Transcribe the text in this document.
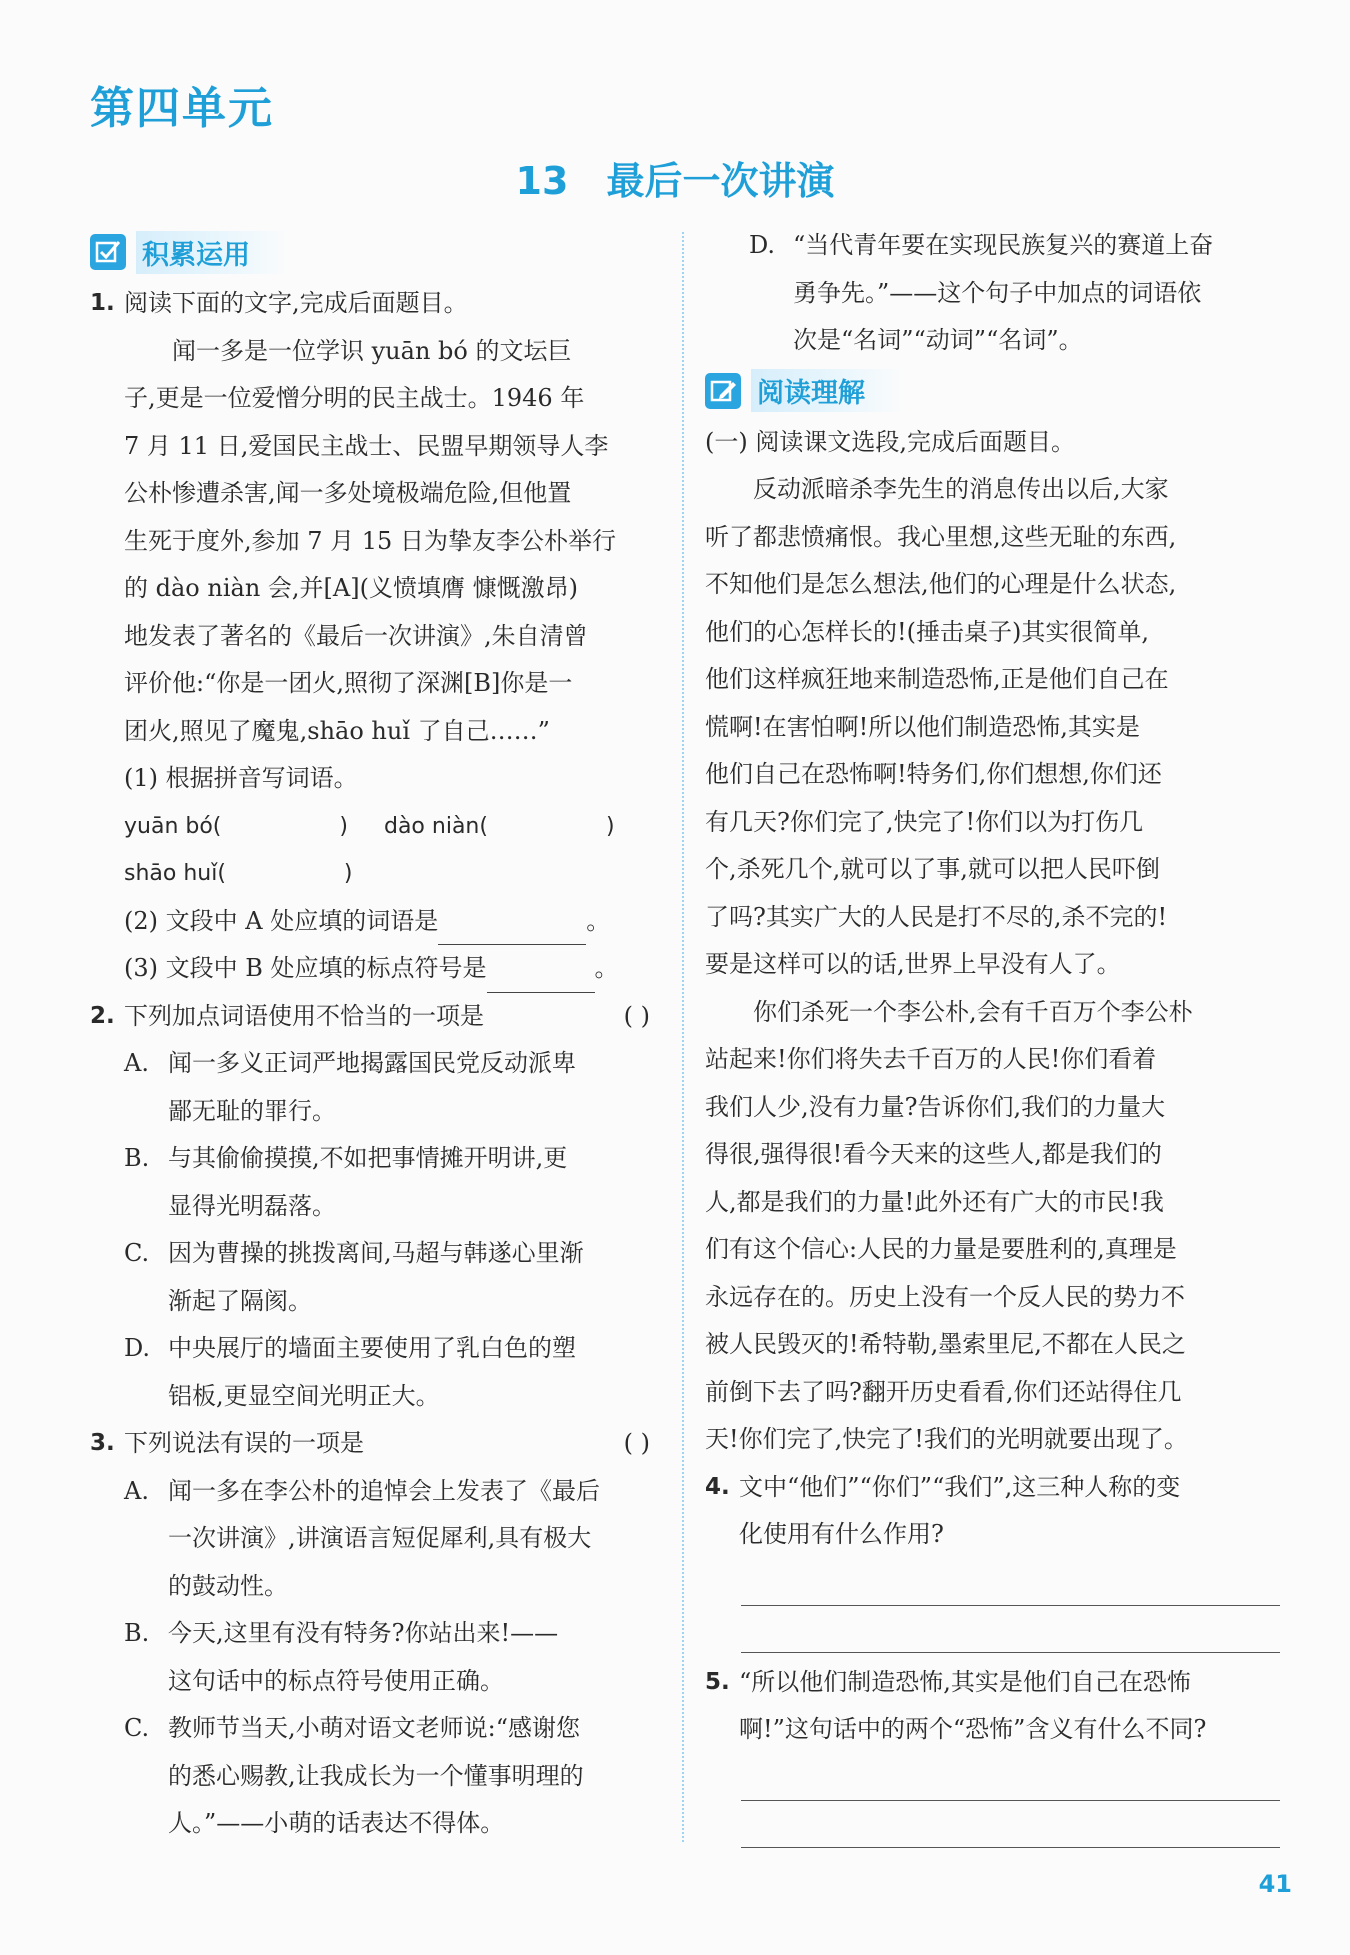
第四单元
13 最后一次讲演
积累运用
1. 阅读下面的文字,完成后面题目。
闻一多是一位学识 yuān bó 的文坛巨
子,更是一位爱憎分明的民主战士。1946 年
7 月 11 日,爱国民主战士、民盟早期领导人李
公朴惨遭杀害,闻一多处境极端危险,但他置
生死于度外,参加 7 月 15 日为挚友李公朴举行
的 dào niàn 会,并[A](义愤填膺 慷慨激昂)
地发表了著名的《最后一次讲演》,朱自清曾
评价他:“你是一团火,照彻了深渊[B]你是一
团火,照见了魔鬼,shāo huǐ 了自己……”
(1) 根据拼音写词语。
yuān bó(	) dào niàn(	)
shāo huǐ(	)
(2) 文段中 A 处应填的词语是	。
(3) 文段中 B 处应填的标点符号是	。
2. 下列加点词语使用不恰当的一项是	( )
A. 闻一多义正词严地揭露国民党反动派卑
鄙无耻的罪行。
B. 与其偷偷摸摸,不如把事情摊开明讲,更
显得光明磊落。
C. 因为曹操的挑拨离间,马超与韩遂心里渐
渐起了隔阂。
D. 中央展厅的墙面主要使用了乳白色的塑
铝板,更显空间光明正大。
3. 下列说法有误的一项是	( )
A. 闻一多在李公朴的追悼会上发表了《最后
一次讲演》,讲演语言短促犀利,具有极大
的鼓动性。
B. 今天,这里有没有特务?你站出来!——
这句话中的标点符号使用正确。
C. 教师节当天,小萌对语文老师说:“感谢您
的悉心赐教,让我成长为一个懂事明理的
人。”——小萌的话表达不得体。
D. “当代青年要在实现民族复兴的赛道上奋
勇争先。”——这个句子中加点的词语依
次是“名词”“动词”“名词”。
阅读理解
(一) 阅读课文选段,完成后面题目。
反动派暗杀李先生的消息传出以后,大家
听了都悲愤痛恨。我心里想,这些无耻的东西,
不知他们是怎么想法,他们的心理是什么状态,
他们的心怎样长的!(捶击桌子)其实很简单,
他们这样疯狂地来制造恐怖,正是他们自己在
慌啊!在害怕啊!所以他们制造恐怖,其实是
他们自己在恐怖啊!特务们,你们想想,你们还
有几天?你们完了,快完了!你们以为打伤几
个,杀死几个,就可以了事,就可以把人民吓倒
了吗?其实广大的人民是打不尽的,杀不完的!
要是这样可以的话,世界上早没有人了。
你们杀死一个李公朴,会有千百万个李公朴
站起来!你们将失去千百万的人民!你们看着
我们人少,没有力量?告诉你们,我们的力量大
得很,强得很!看今天来的这些人,都是我们的
人,都是我们的力量!此外还有广大的市民!我
们有这个信心:人民的力量是要胜利的,真理是
永远存在的。历史上没有一个反人民的势力不
被人民毁灭的!希特勒,墨索里尼,不都在人民之
前倒下去了吗?翻开历史看看,你们还站得住几
天!你们完了,快完了!我们的光明就要出现了。
4. 文中“他们”“你们”“我们”,这三种人称的变
化使用有什么作用?
5. “所以他们制造恐怖,其实是他们自己在恐怖
啊!”这句话中的两个“恐怖”含义有什么不同?
41
